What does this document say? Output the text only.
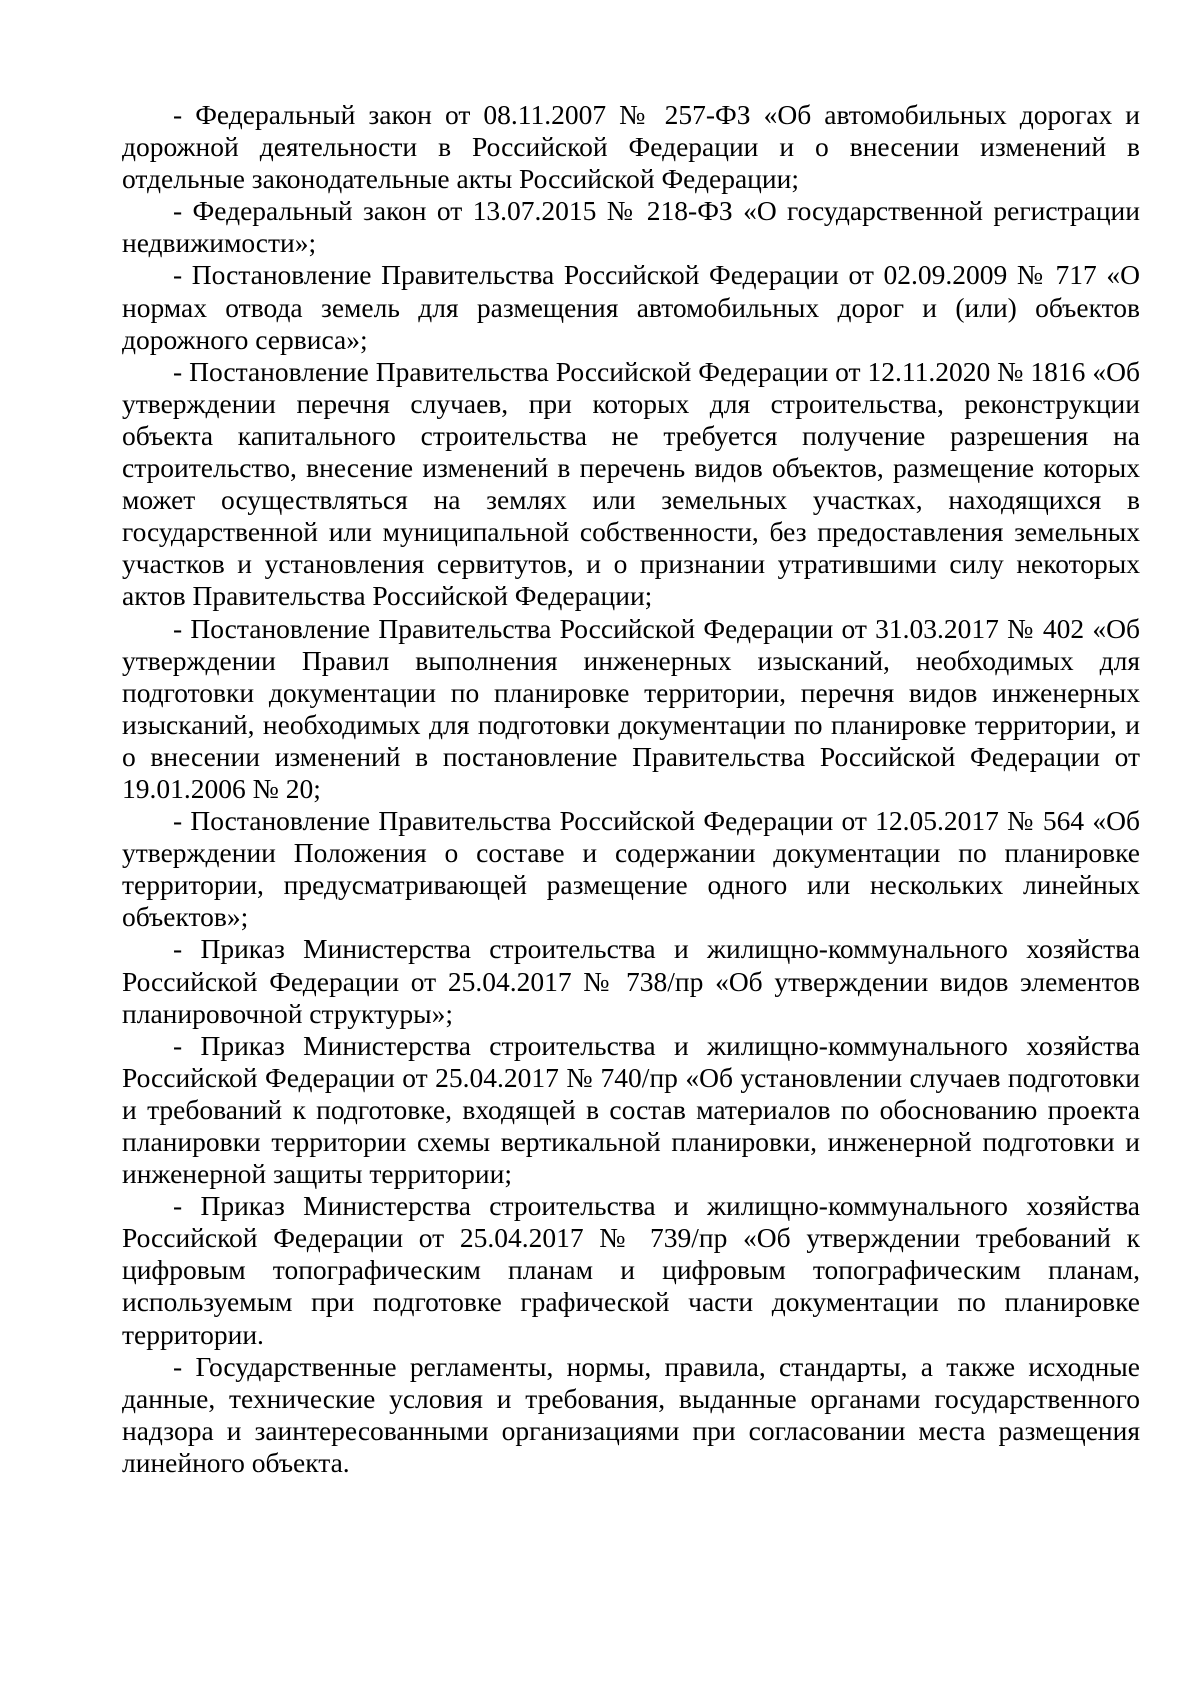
- Федеральный закон от 08.11.2007 № 257-ФЗ «Об автомобильных дорогах и дорожной деятельности в Российской Федерации и о внесении изменений в отдельные законодательные акты Российской Федерации;

- Федеральный закон от 13.07.2015 № 218-ФЗ «О государственной регистрации недвижимости»;

- Постановление Правительства Российской Федерации от 02.09.2009 № 717 «О нормах отвода земель для размещения автомобильных дорог и (или) объектов дорожного сервиса»;

- Постановление Правительства Российской Федерации от 12.11.2020 № 1816 «Об утверждении перечня случаев, при которых для строительства, реконструкции объекта капитального строительства не требуется получение разрешения на строительство, внесение изменений в перечень видов объектов, размещение которых может осуществляться на землях или земельных участках, находящихся в государственной или муниципальной собственности, без предоставления земельных участков и установления сервитутов, и о признании утратившими силу некоторых актов Правительства Российской Федерации;

- Постановление Правительства Российской Федерации от 31.03.2017 № 402 «Об утверждении Правил выполнения инженерных изысканий, необходимых для подготовки документации по планировке территории, перечня видов инженерных изысканий, необходимых для подготовки документации по планировке территории, и о внесении изменений в постановление Правительства Российской Федерации от 19.01.2006 № 20;

- Постановление Правительства Российской Федерации от 12.05.2017 № 564 «Об утверждении Положения о составе и содержании документации по планировке территории, предусматривающей размещение одного или нескольких линейных объектов»;

- Приказ Министерства строительства и жилищно-коммунального хозяйства Российской Федерации от 25.04.2017 № 738/пр «Об утверждении видов элементов планировочной структуры»;

- Приказ Министерства строительства и жилищно-коммунального хозяйства Российской Федерации от 25.04.2017 № 740/пр «Об установлении случаев подготовки и требований к подготовке, входящей в состав материалов по обоснованию проекта планировки территории схемы вертикальной планировки, инженерной подготовки и инженерной защиты территории;

- Приказ Министерства строительства и жилищно-коммунального хозяйства Российской Федерации от 25.04.2017 № 739/пр «Об утверждении требований к цифровым топографическим планам и цифровым топографическим планам, используемым при подготовке графической части документации по планировке территории.

- Государственные регламенты, нормы, правила, стандарты, а также исходные данные, технические условия и требования, выданные органами государственного надзора и заинтересованными организациями при согласовании места размещения линейного объекта.
